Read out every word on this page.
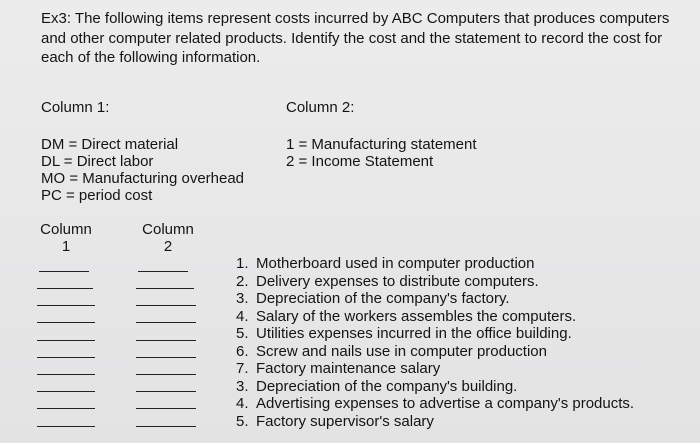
Ex3: The following items represent costs incurred by ABC Computers that produces computers and other computer related products. Identify the cost and the statement to record the cost for each of the following information.
Column 1:	Column 2:
DM = Direct material
DL = Direct labor
MO = Manufacturing overhead
PC = period cost
1 = Manufacturing statement
2 = Income Statement
Column
1
Column
2
1. Motherboard used in computer production
2. Delivery expenses to distribute computers.
3. Depreciation of the company's factory.
4. Salary of the workers assembles the computers.
5. Utilities expenses incurred in the office building.
6. Screw and nails use in computer production
7. Factory maintenance salary
3. Depreciation of the company's building.
4. Advertising expenses to advertise a company's products.
5. Factory supervisor's salary
